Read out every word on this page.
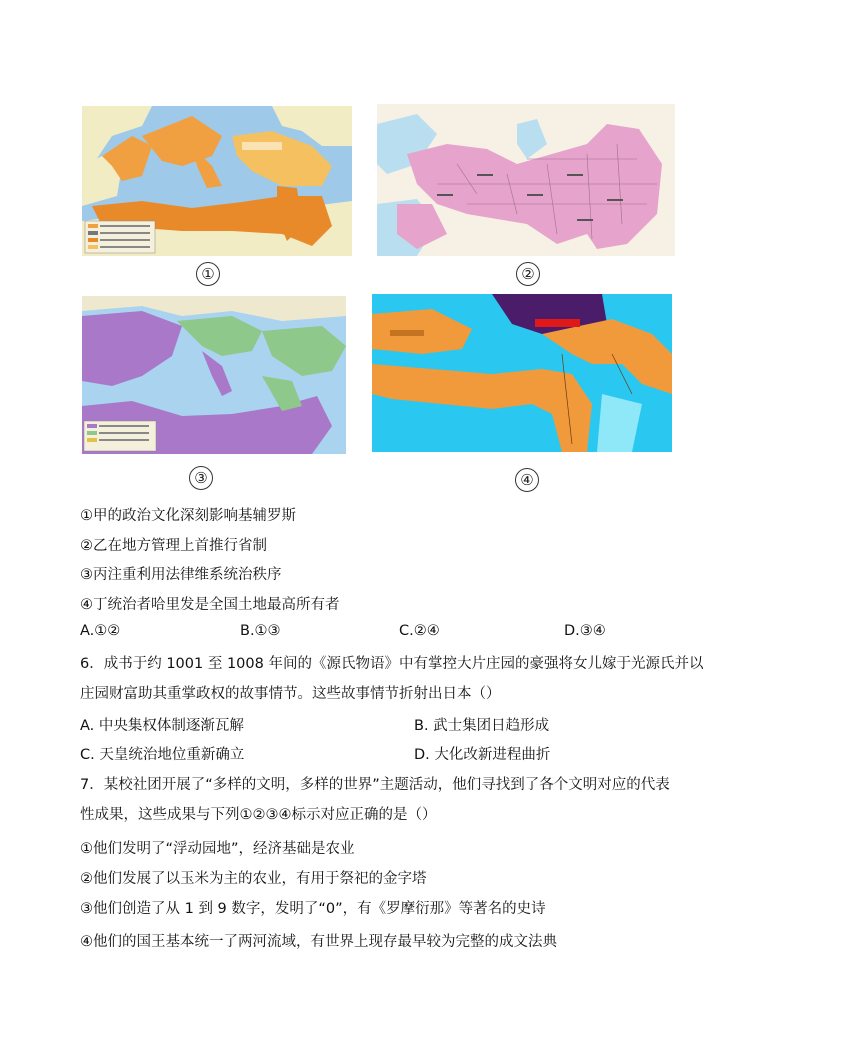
①	②
③	④
①甲的政治文化深刻影响基辅罗斯
②乙在地方管理上首推行省制
③丙注重利用法律维系统治秩序
④丁统治者哈里发是全国土地最高所有者
A.①②	B.①③	C.②④	D.③④
6．成书于约 1001 至 1008 年间的《源氏物语》中有掌控大片庄园的豪强将女儿嫁于光源氏并以
庄园财富助其重掌政权的故事情节。这些故事情节折射出日本（）
A. 中央集权体制逐渐瓦解	B. 武士集团日趋形成
C. 天皇统治地位重新确立	D. 大化改新进程曲折
7．某校社团开展了“多样的文明，多样的世界”主题活动，他们寻找到了各个文明对应的代表
性成果，这些成果与下列①②③④标示对应正确的是（）
①他们发明了“浮动园地”，经济基础是农业
②他们发展了以玉米为主的农业，有用于祭祀的金字塔
③他们创造了从 1 到 9 数字，发明了“0”，有《罗摩衍那》等著名的史诗
④他们的国王基本统一了两河流域，有世界上现存最早较为完整的成文法典
